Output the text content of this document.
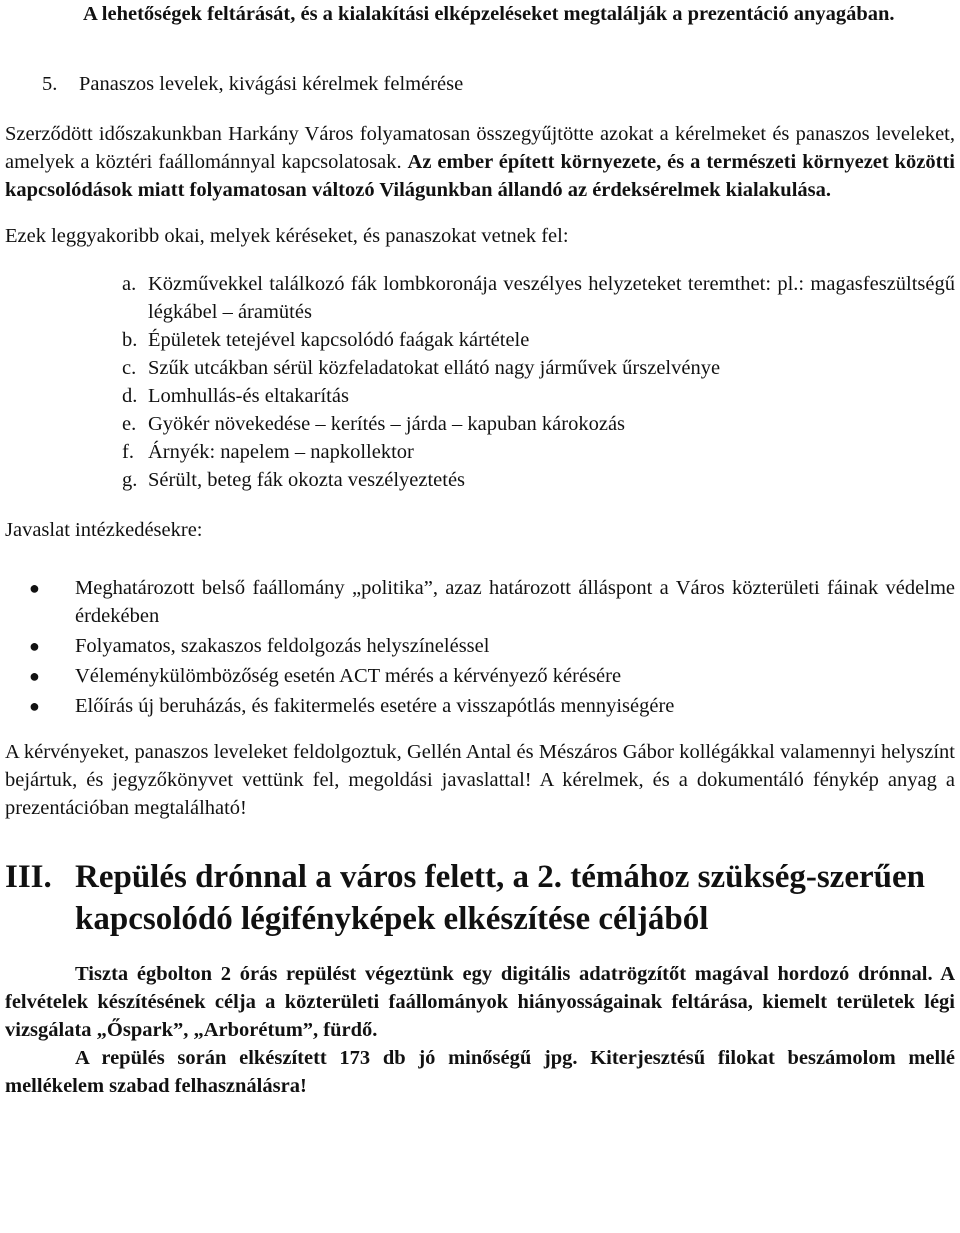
A lehetőségek feltárását, és a kialakítási elképzeléseket megtalálják a prezentáció anyagában.

5. Panaszos levelek, kivágási kérelmek felmérése

Szerződött időszakunkban Harkány Város folyamatosan összegyűjtötte azokat a kérelmeket és panaszos leveleket, amelyek a köztéri faállománnyal kapcsolatosak. Az ember épített környezete, és a természeti környezet közötti kapcsolódások miatt folyamatosan változó Világunkban állandó az érdeksérelmek kialakulása.

Ezek leggyakoribb okai, melyek kéréseket, és panaszokat vetnek fel:

a. Közművekkel találkozó fák lombkoronája veszélyes helyzeteket teremthet: pl.: magasfeszültségű légkábel – áramütés
b. Épületek tetejével kapcsolódó faágak kártétele
c. Szűk utcákban sérül közfeladatokat ellátó nagy járművek űrszelvénye
d. Lomhullás-és eltakarítás
e. Gyökér növekedése – kerítés – járda – kapuban károkozás
f. Árnyék: napelem – napkollektor
g. Sérült, beteg fák okozta veszélyeztetés

Javaslat intézkedésekre:

● Meghatározott belső faállomány „politika”, azaz határozott álláspont a Város közterületi fáinak védelme érdekében
● Folyamatos, szakaszos feldolgozás helyszíneléssel
● Véleménykülömbözőség esetén ACT mérés a kérvényező kérésére
● Előírás új beruházás, és fakitermelés esetére a visszapótlás mennyiségére

A kérvényeket, panaszos leveleket feldolgoztuk, Gellén Antal és Mészáros Gábor kollégákkal valamennyi helyszínt bejártuk, és jegyzőkönyvet vettünk fel, megoldási javaslattal! A kérelmek, és a dokumentáló fénykép anyag a prezentációban megtalálható!

III. Repülés drónnal a város felett, a 2. témához szükség-szerűen kapcsolódó légifényképek elkészítése céljából

Tiszta égbolton 2 órás repülést végeztünk egy digitális adatrögzítőt magával hordozó drónnal. A felvételek készítésének célja a közterületi faállományok hiányosságainak feltárása, kiemelt területek légi vizsgálata „Őspark”, „Arborétum”, fürdő.

A repülés során elkészített 173 db jó minőségű jpg. Kiterjesztésű filokat beszámolom mellé mellékelem szabad felhasználásra!
